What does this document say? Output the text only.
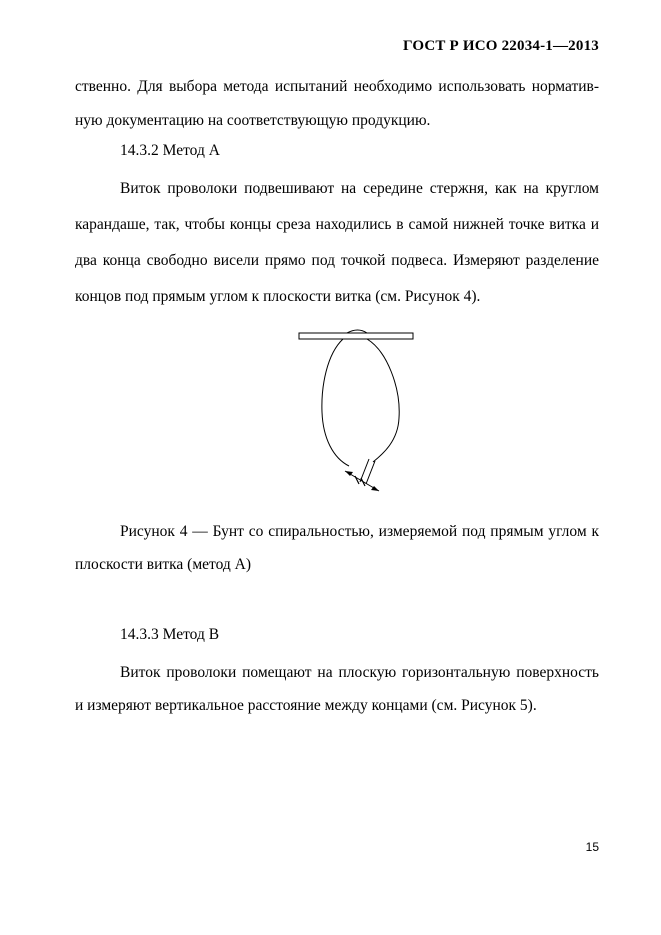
ГОСТ Р ИСО 22034-1—2013
ственно. Для выбора метода испытаний необходимо использовать норматив-
ную документацию на соответствующую продукцию.
14.3.2 Метод А
Виток проволоки подвешивают на середине стержня, как на круглом
карандаше, так, чтобы концы среза находились в самой нижней точке витка и
два конца свободно висели прямо под точкой подвеса. Измеряют разделение
концов под прямым углом к плоскости витка (см. Рисунок 4).
Рисунок 4 — Бунт со спиральностью, измеряемой под прямым углом к
плоскости витка (метод А)
14.3.3 Метод В
Виток проволоки помещают на плоскую горизонтальную поверхность
и измеряют вертикальное расстояние между концами (см. Рисунок 5).
15
